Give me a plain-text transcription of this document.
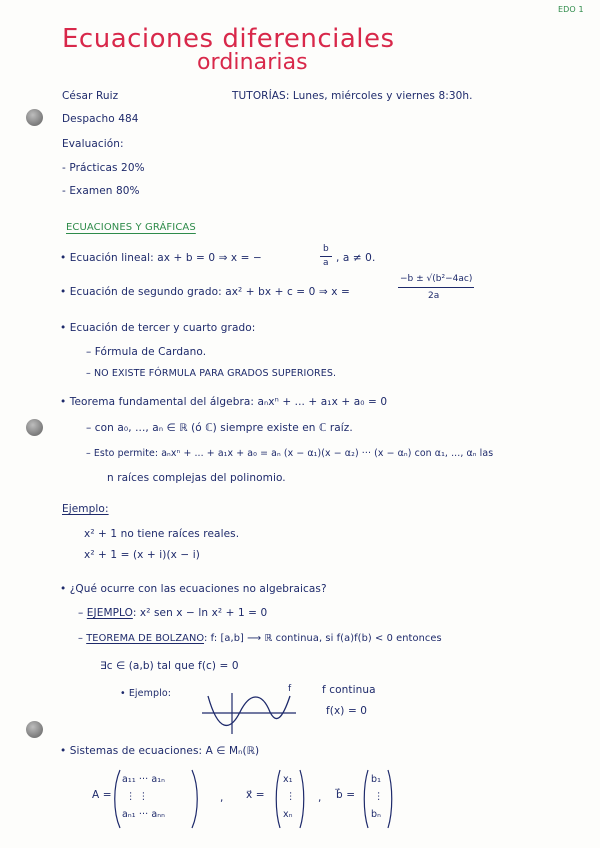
EDO 1
Ecuaciones diferenciales
ordinarias
César Ruiz	TUTORÍAS: Lunes, miércoles y viernes 8:30h.
Despacho 484
Evaluación:
- Prácticas 20%
- Examen 80%
ECUACIONES Y GRÁFICAS
• Ecuación lineal: ax + b = 0 ⇒ x = −
b
a , a ≠ 0.
• Ecuación de segundo grado: ax² + bx + c = 0 ⇒ x =
−b ± √(b²−4ac)
2a
• Ecuación de tercer y cuarto grado:
– Fórmula de Cardano.
– NO EXISTE FÓRMULA PARA GRADOS SUPERIORES.
• Teorema fundamental del álgebra: aₙxⁿ + ... + a₁x + a₀ = 0
– con a₀, ..., aₙ ∈ ℝ (ó ℂ) siempre existe en ℂ raíz.
– Esto permite: aₙxⁿ + ... + a₁x + a₀ = aₙ (x − α₁)(x − α₂) ··· (x − αₙ) con α₁, ..., αₙ las
n raíces complejas del polinomio.
Ejemplo:
x² + 1 no tiene raíces reales.
x² + 1 = (x + i)(x − i)
• ¿Qué ocurre con las ecuaciones no algebraicas?
– EJEMPLO: x² sen x − ln x² + 1 = 0
– TEOREMA DE BOLZANO: f: [a,b] ⟶ ℝ continua, si f(a)f(b) < 0 entonces
∃c ∈ (a,b) tal que f(c) = 0
• Ejemplo:	f	f continua
f(x) = 0
• Sistemas de ecuaciones: A ∈ Mₙ(ℝ)
A =
a₁₁ ··· a₁ₙ
⋮ ⋮
aₙ₁ ··· aₙₙ
, x⃗ =
x₁
⋮
xₙ
, b⃗ =
b₁
⋮
bₙ
